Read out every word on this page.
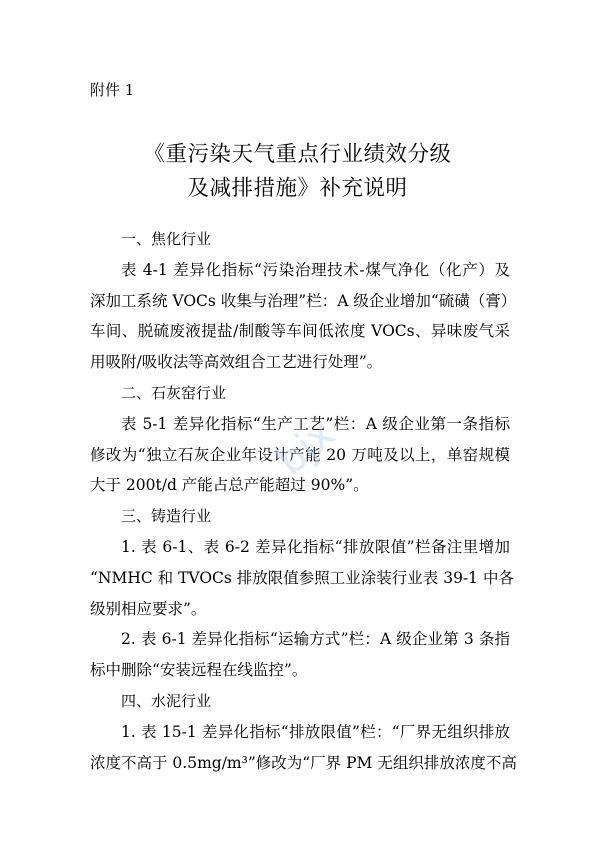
附件 1
《重污染天气重点行业绩效分级
及减排措施》补充说明
一、焦化行业
表 4-1 差异化指标“污染治理技术-煤气净化（化产）及
深加工系统 VOCs 收集与治理”栏：A 级企业增加“硫磺（膏）
车间、脱硫废液提盐/制酸等车间低浓度 VOCs、异味废气采
用吸附/吸收法等高效组合工艺进行处理”。
二、石灰窑行业
表 5-1 差异化指标“生产工艺”栏：A 级企业第一条指标
修改为“独立石灰企业年设计产能 20 万吨及以上，单窑规模
大于 200t/d 产能占总产能超过 90%”。
三、铸造行业
1. 表 6-1、表 6-2 差异化指标“排放限值”栏备注里增加
“NMHC 和 TVOCs 排放限值参照工业涂装行业表 39-1 中各
级别相应要求”。
2. 表 6-1 差异化指标“运输方式”栏：A 级企业第 3 条指
标中删除“安装远程在线监控”。
四、水泥行业
1. 表 15-1 差异化指标“排放限值”栏：“厂界无组织排放
浓度不高于 0.5mg/m³”修改为“厂界 PM 无组织排放浓度不高
bjx
